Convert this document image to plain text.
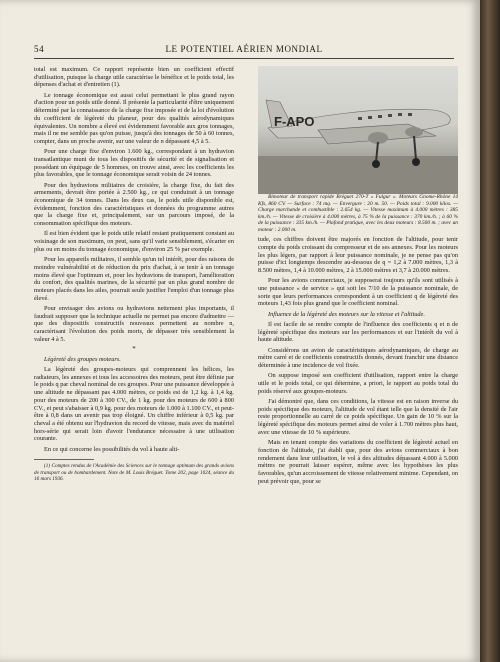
54	LE POTENTIEL AÉRIEN MONDIAL

total est maximum. Ce rapport représente bien un coefficient effectif d'utilisation, puisque la charge utile caractérise le bénéfice et le poids total, les dépenses d'achat et d'entretien (1).

Le tonnage économique est aussi celui permettant le plus grand rayon d'action pour un poids utile donné. Il présente la particularité d'être uniquement déterminé par la connaissance de la charge fixe imposée et de la loi d'évolution du coefficient de légèreté du planeur, pour des qualités aérodynamiques équivalentes. Un nombre a élevé est évidemment favorable aux gros tonnages, mais il ne me semble pas qu'on puisse, jusqu'à des tonnages de 50 à 60 tonnes, compter, dans un proche avenir, sur une valeur de n dépassant 4,5 à 5.

Pour une charge fixe d'environ 1.600 kg., correspondant à un hydravion transatlantique muni de tous les dispositifs de sécurité et de signalisation et possédant un équipage de 5 hommes, on trouve ainsi, avec les coefficients les plus favorables, que le tonnage économique serait voisin de 24 tonnes.

Pour des hydravions militaires de croisière, la charge fixe, du fait des armements, devrait être portée à 2.500 kg., ce qui conduirait à un tonnage économique de 34 tonnes. Dans les deux cas, le poids utile disponible est, évidemment, fonction des caractéristiques et données du programme autres que la charge fixe et, principalement, sur un parcours imposé, de la consommation spécifique des moteurs.

Il est bien évident que le poids utile relatif restant pratiquement constant au voisinage de son maximum, on peut, sans qu'il varie sensiblement, s'écarter en plus ou en moins du tonnage économique, d'environ 25 % par exemple.

Pour les appareils militaires, il semble qu'un tel intérêt, pour des raisons de moindre vulnérabilité et de réduction du prix d'achat, à se tenir à un tonnage moins élevé que l'optimum et, pour les hydravions de transport, l'amélioration du confort, des qualités marines, de la sécurité par un plus grand nombre de moteurs placés dans les ailes, pourrait seule justifier l'emploi d'un tonnage plus élevé.

Pour envisager des avions ou hydravions nettement plus importants, il faudrait supposer que la technique actuelle ne permet pas encore d'admettre — que des dispositifs constructifs nouveaux permettent au nombre n, caractérisant l'évolution des poids morts, de dépasser très sensiblement la valeur 4 à 5.

*

Légèreté des groupes moteurs.

La légèreté des groupes-moteurs qui comprennent les hélices, les radiateurs, les annexes et tous les accessoires des moteurs, peut être définie par le poids q par cheval nominal de ces groupes. Pour une puissance développée à une altitude ne dépassant pas 4.000 mètres, ce poids est de 1,2 kg. à 1,4 kg. pour des moteurs de 200 à 300 CV., de 1 kg. pour des moteurs de 600 à 800 CV., et peut s'abaisser à 0,9 kg. pour des moteurs de 1.000 à 1.100 CV., et peut-être à 0,8 dans un avenir pas trop éloigné. Un chiffre inférieur à 0,5 kg. par cheval a été obtenu sur l'hydravion du record de vitesse, mais avec du matériel hors-série qui serait loin d'avoir l'endurance nécessaire à une utilisation courante.

En ce qui concerne les possibilités du vol à haute alti-

(1) Comptes rendus de l'Académie des Sciences sur le tonnage optimum des grands avions de transport ou de bombardement. Note de M. Louis Bréguet. Tome 202, page 1024, séance du 16 mars 1936.

F-APO

Bimoteur de transport rapide Bréguet 270-T « Fulgur ». Moteurs Gnome-Rhône 14 Kfs, 860 CV. — Surface : 74 mq. — Envergure : 20 m. 50. — Poids total : 9.000 kilos. — Charge marchande et combustible : 2.654 kg. — Vitesse maximum à 4.000 mètres : 385 km./h. — Vitesse de croisière à 4.000 mètres, à 75 % de la puissance : 370 km./h. ; à 60 % de la puissance : 335 km./h. — Plafond pratique, avec les deux moteurs : 8.500 m. ; avec un moteur : 2.000 m.

tude, ces chiffres doivent être majorés en fonction de l'altitude, pour tenir compte du poids croissant du compresseur et de ses annexes. Pour les moteurs les plus légers, par rapport à leur puissance nominale, je ne pense pas qu'on puisse d'ici longtemps descendre au-dessous de q = 1,2 à 7.000 mètres, 1,3 à 8.500 mètres, 1,4 à 10.000 mètres, 2 à 15.000 mètres et 3,7 à 20.000 mètres.

Pour les avions commerciaux, je supposerai toujours qu'ils sont utilisés à une puissance « de service » qui soit les 7/10 de la puissance nominale, de sorte que leurs performances correspondent à un coefficient q de légèreté des moteurs 1,43 fois plus grand que le coefficient nominal.

Influence de la légèreté des moteurs sur la vitesse et l'altitude.

Il est facile de se rendre compte de l'influence des coefficients q et n de légèreté spécifique des moteurs sur les performances et sur l'intérêt du vol à haute altitude.

Considérons un avion de caractéristiques aérodynamiques, de charge au mètre carré et de coefficients constructifs donnés, devant franchir une distance déterminée à une incidence de vol fixée.

On suppose imposé son coefficient d'utilisation, rapport entre la charge utile et le poids total, ce qui détermine, a priori, le rapport au poids total du poids réservé aux groupes-moteurs.

J'ai démontré que, dans ces conditions, la vitesse est en raison inverse du poids spécifique des moteurs, l'altitude de vol étant telle que la densité de l'air reste proportionnelle au carré de ce poids spécifique. Un gain de 10 % sur la légèreté spécifique des moteurs permet ainsi de voler à 1.700 mètres plus haut, avec une vitesse de 10 % supérieure.

Mais en tenant compte des variations du coefficient de légèreté actuel en fonction de l'altitude, j'ai établi que, pour des avions commerciaux à bon rendement dans leur utilisation, le vol à des altitudes dépassant 4.000 à 5.000 mètres ne pourrait laisser espérer, même avec les hypothèses les plus favorables, qu'un accroissement de vitesse relativement minime. Cependant, on peut prévoir que, pour se
